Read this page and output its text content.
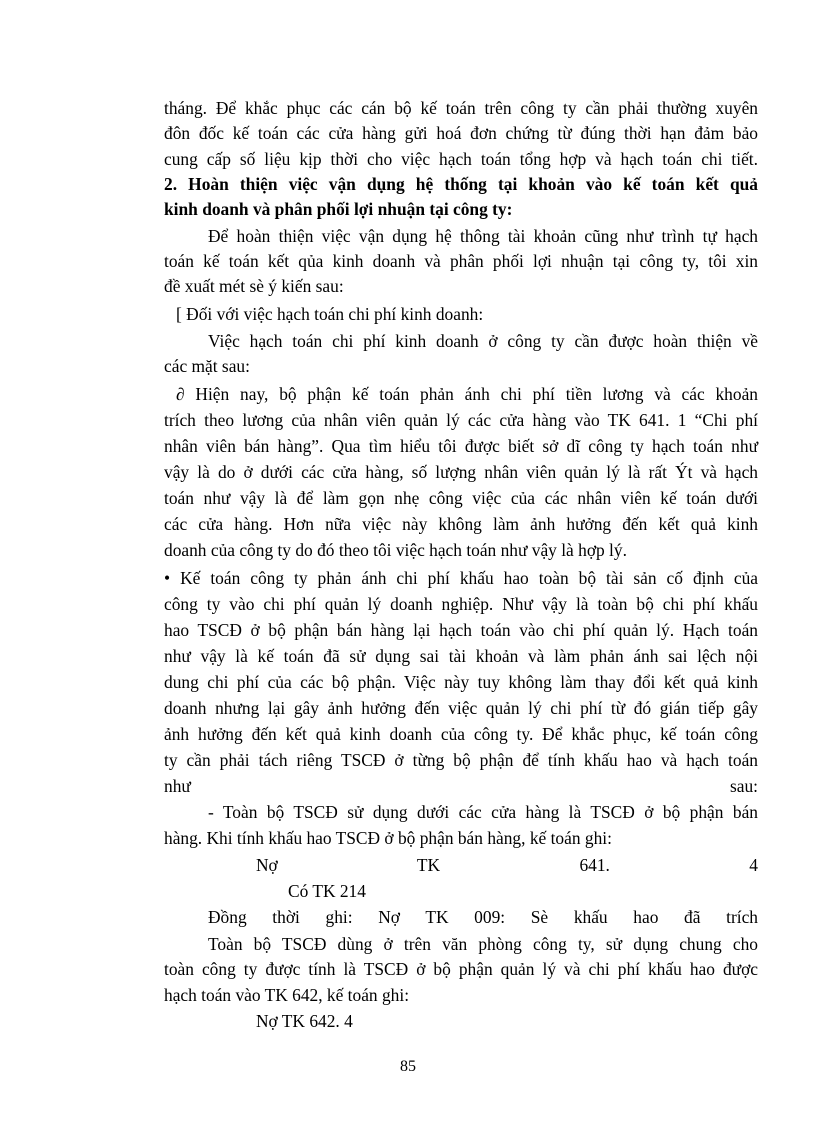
tháng. Để khắc phục các cán bộ kế toán trên công ty cần phải thường xuyên
đôn đốc kế toán các cửa hàng gửi hoá đơn chứng từ đúng thời hạn đảm bảo
cung cấp số liệu kịp thời cho việc hạch toán tổng hợp và hạch toán chi tiết.
2. Hoàn thiện việc vận dụng hệ thống tại khoản vào kế toán kết quả
kinh doanh và phân phối lợi nhuận tại công ty:
Để hoàn thiện việc vận dụng hệ thông tài khoản cũng như trình tự hạch
toán kế toán kết qủa kinh doanh và phân phối lợi nhuận tại công ty, tôi xin
đề xuất mét sè ý kiến sau:
[ Đối với việc hạch toán chi phí kinh doanh:
Việc hạch toán chi phí kinh doanh ở công ty cần được hoàn thiện về
các mặt sau:
∂ Hiện nay, bộ phận kế toán phản ánh chi phí tiền lương và các khoản
trích theo lương của nhân viên quản lý các cửa hàng vào TK 641. 1 “Chi phí
nhân viên bán hàng”. Qua tìm hiểu tôi được biết sở dĩ công ty hạch toán như
vậy là do ở dưới các cửa hàng, số lượng nhân viên quản lý là rất Ýt và hạch
toán như vậy là để làm gọn nhẹ công việc của các nhân viên kế toán dưới
các cửa hàng. Hơn nữa việc này không làm ảnh hưởng đến kết quả kinh
doanh của công ty do đó theo tôi việc hạch toán như vậy là hợp lý.
• Kế toán công ty phản ánh chi phí khấu hao toàn bộ tài sản cố định của
công ty vào chi phí quản lý doanh nghiệp. Như vậy là toàn bộ chi phí khấu
hao TSCĐ ở bộ phận bán hàng lại hạch toán vào chi phí quản lý. Hạch toán
như vậy là kế toán đã sử dụng sai tài khoản và làm phản ánh sai lệch nội
dung chi phí của các bộ phận. Việc này tuy không làm thay đổi kết quả kinh
doanh nhưng lại gây ảnh hưởng đến việc quản lý chi phí từ đó gián tiếp gây
ảnh hưởng đến kết quả kinh doanh của công ty. Để khắc phục, kế toán công
ty cần phải tách riêng TSCĐ ở từng bộ phận để tính khấu hao và hạch toán
như sau:
- Toàn bộ TSCĐ sử dụng dưới các cửa hàng là TSCĐ ở bộ phận bán
hàng. Khi tính khấu hao TSCĐ ở bộ phận bán hàng, kế toán ghi:
Nợ TK 641. 4
Có TK 214
Đồng thời ghi: Nợ TK 009: Sè khấu hao đã trích
Toàn bộ TSCĐ dùng ở trên văn phòng công ty, sử dụng chung cho
toàn công ty được tính là TSCĐ ở bộ phận quản lý và chi phí khấu hao được
hạch toán vào TK 642, kế toán ghi:
Nợ TK 642. 4
85
